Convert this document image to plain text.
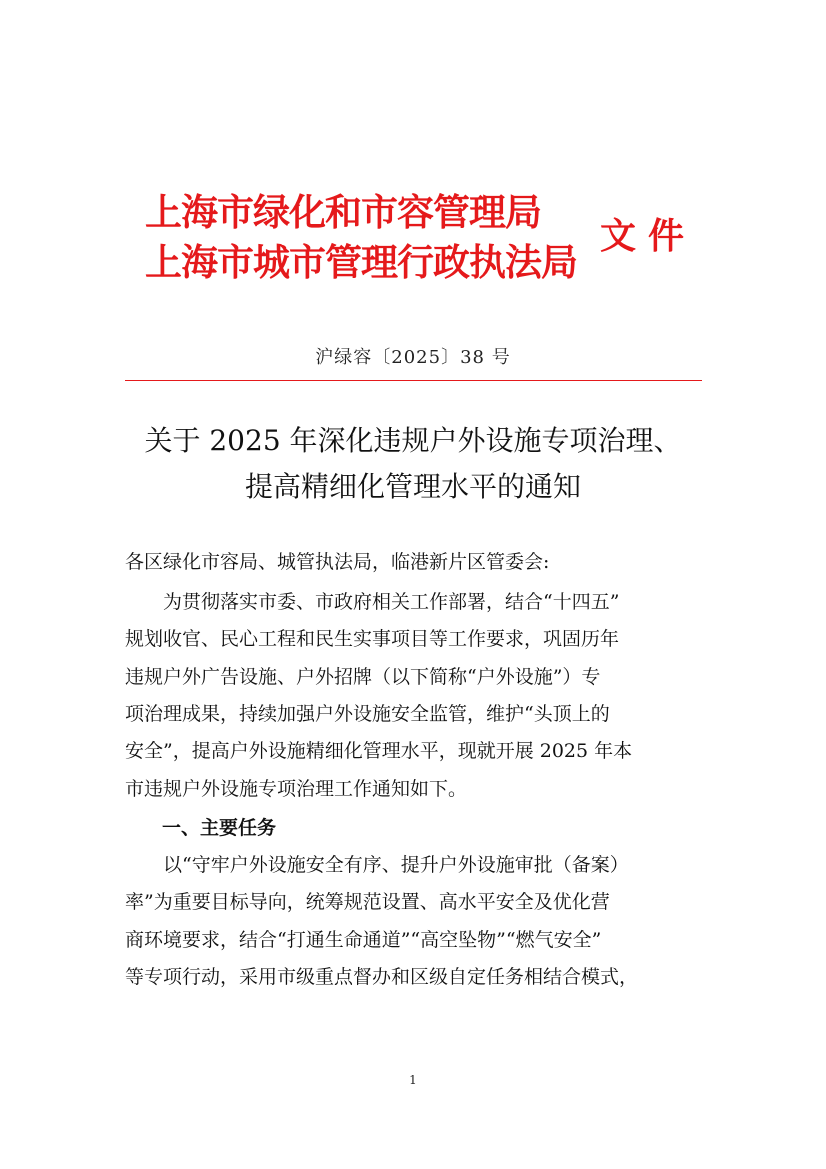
上海市绿化和市容管理局
上海市城市管理行政执法局
文件
沪绿容〔2025〕38 号
关于 2025 年深化违规户外设施专项治理、
提高精细化管理水平的通知
各区绿化市容局、城管执法局，临港新片区管委会:
　　为贯彻落实市委、市政府相关工作部署，结合“十四五”
规划收官、民心工程和民生实事项目等工作要求，巩固历年
违规户外广告设施、户外招牌（以下简称“户外设施”）专
项治理成果，持续加强户外设施安全监管，维护“头顶上的
安全”，提高户外设施精细化管理水平，现就开展 2025 年本
市违规户外设施专项治理工作通知如下。
一、主要任务
　　以“守牢户外设施安全有序、提升户外设施审批（备案）
率”为重要目标导向，统筹规范设置、高水平安全及优化营
商环境要求，结合“打通生命通道”“高空坠物”“燃气安全”
等专项行动，采用市级重点督办和区级自定任务相结合模式，
1
